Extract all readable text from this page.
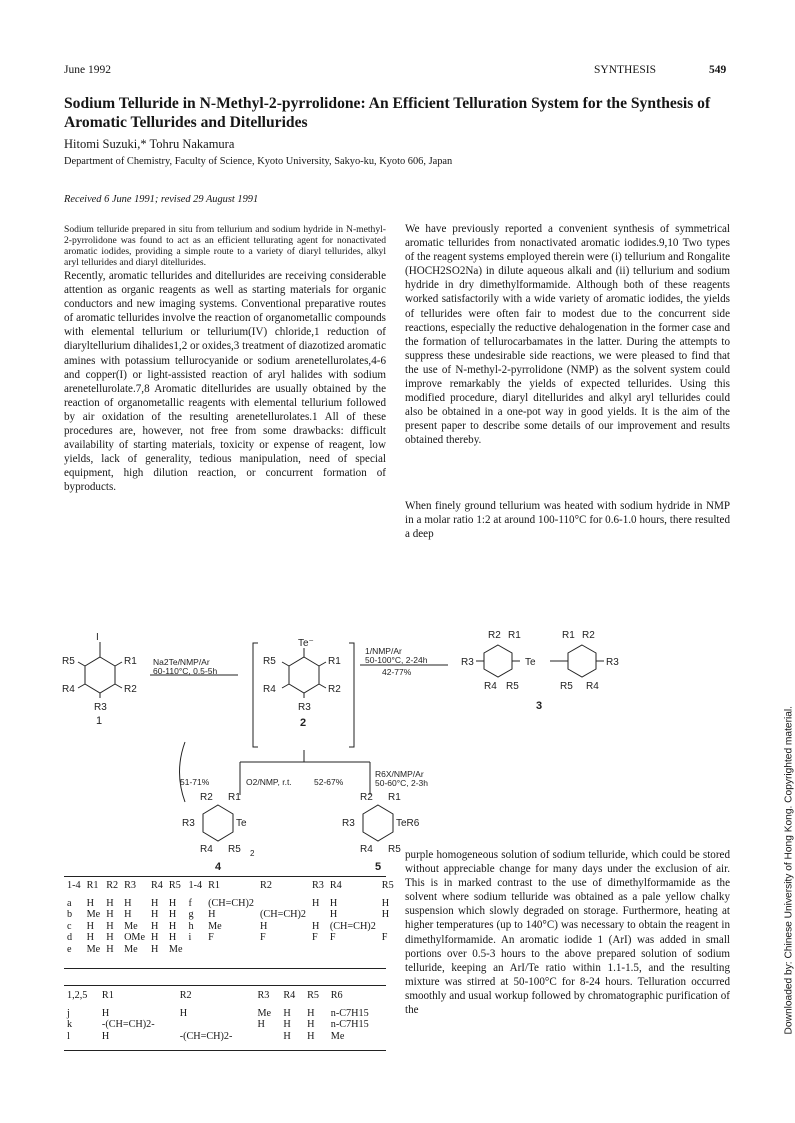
June 1992	SYNTHESIS	549
Sodium Telluride in N-Methyl-2-pyrrolidone: An Efficient Telluration System for the Synthesis of Aromatic Tellurides and Ditellurides
Hitomi Suzuki,* Tohru Nakamura
Department of Chemistry, Faculty of Science, Kyoto University, Sakyo-ku, Kyoto 606, Japan
Received 6 June 1991; revised 29 August 1991
Sodium telluride prepared in situ from tellurium and sodium hydride in N-methyl-2-pyrrolidone was found to act as an efficient tellurating agent for nonactivated aromatic iodides, providing a simple route to a variety of diaryl tellurides, alkyl aryl tellurides and diaryl ditellurides.
Recently, aromatic tellurides and ditellurides are receiving considerable attention as organic reagents as well as starting materials for organic conductors and new imaging systems. Conventional preparative routes of aromatic tellurides involve the reaction of organometallic compounds with elemental tellurium or tellurium(IV) chloride,1 reduction of diaryltellurium dihalides1,2 or oxides,3 treatment of diazotized aromatic amines with potassium tellurocyanide or sodium arenetellurolates,4-6 and copper(I) or light-assisted reaction of aryl halides with sodium arenetellurolate.7,8 Aromatic ditellurides are usually obtained by the reaction of organometallic reagents with elemental tellurium followed by air oxidation of the resulting arenetellurolates.1 All of these procedures are, however, not free from some drawbacks: difficult availability of starting materials, toxicity or expense of reagent, low yields, lack of generality, tedious manipulation, need of special equipment, high dilution reaction, or concurrent formation of byproducts.
We have previously reported a convenient synthesis of symmetrical aromatic tellurides from nonactivated aromatic iodides.9,10 Two types of the reagent systems employed therein were (i) tellurium and Rongalite (HOCH2SO2Na) in dilute aqueous alkali and (ii) tellurium and sodium hydride in dry dimethylformamide. Although both of these reagents worked satisfactorily with a wide variety of aromatic iodides, the yields of tellurides were often fair to modest due to the concurrent side reactions, especially the reductive dehalogenation in the former case and the formation of tellurocarbamates in the latter. During the attempts to suppress these undesirable side reactions, we were pleased to find that the use of N-methyl-2-pyrrolidone (NMP) as the solvent system could improve remarkably the yields of expected tellurides. Using this modified procedure, diaryl ditellurides and alkyl aryl tellurides could also be obtained in a one-pot way in good yields. It is the aim of the present paper to describe some details of our improvement and results obtained thereby.
When finely ground tellurium was heated with sodium hydride in NMP in a molar ratio 1:2 at around 100-110°C for 0.6-1.0 hours, there resulted a deep
purple homogeneous solution of sodium telluride, which could be stored without appreciable change for many days under the exclusion of air. This is in marked contrast to the use of dimethylformamide as the solvent where sodium telluride was obtained as a pale yellow chalky suspension which slowly degraded on storage. Furthermore, heating at higher temperatures (up to 140°C) was necessary to obtain the reagent in dimethylformamide. An aromatic iodide 1 (ArI) was added in small portions over 0.5-3 hours to the above prepared solution of sodium telluride, keeping an ArI/Te ratio within 1.1-1.5, and the resulting mixture was stirred at 50-100°C for 8-24 hours. Telluration occurred smoothly and usual workup followed by chromatographic purification of the	Downloaded by: Chinese University of Hong Kong. Copyrighted material.
R5	R1
R4	R2
R3
I
1
Na2Te/NMP/Ar
60-110°C, 0.5-5h
Te⁻
R5	R1
R4	R2
R3
2
1/NMP/Ar
50-100°C, 2-24h
42-77%
R2 R1	R1 R2
R3	Te	R3
R4 R5	R5 R4
3
51-71%	O2/NMP, r.t.	52-67%
R6X/NMP/Ar
50-60°C, 2-3h
R2 R1
R3	Te
R4 R5 2
4
R2 R1
R3	TeR6
R4 R5
5
1-4	R1	R2	R3	R4	R5	1-4	R1	R2	R3	R4	R5

a	H	H	H	H	H	f	(CH=CH)2		H	H	H
b	Me	H	H	H	H	g	H	(CH=CH)2		H	H
c	H	H	Me	H	H	h	Me	H	H	(CH=CH)2	
d	H	H	OMe	H	H	i	F	F	F	F	F
e	Me	H	Me	H	Me						
1,2,5	R1	R2	R3	R4	R5	R6

j	H	H	Me	H	H	n-C7H15
k	-(CH=CH)2-		H	H	H	n-C7H15
l	H	-(CH=CH)2-		H	H	Me
